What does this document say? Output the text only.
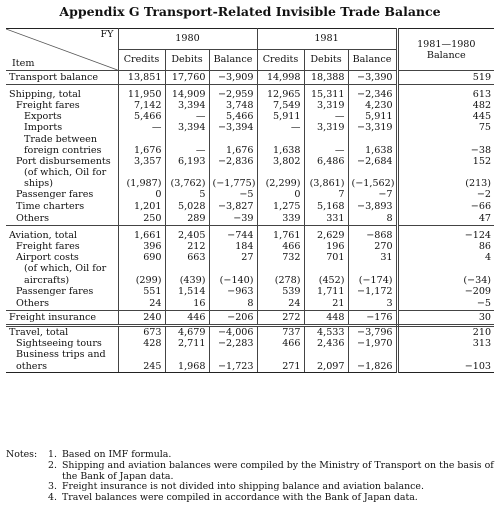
Appendix G Transport-Related Invisible Trade Balance
FY
Item	1980			1981			1981—1980 Balance
	Credits	Debits	Balance	Credits	Debits	Balance	
Transport balance	13,851	17,760	−3,909	14,998	18,388	−3,390	519
Shipping, total	11,950	14,909	−2,959	12,965	15,311	−2,346	613
Freight fares	7,142	3,394	3,748	7,549	3,319	4,230	482
Exports	5,466	—	5,466	5,911	—	5,911	445
Imports	—	3,394	−3,394	—	3,319	−3,319	75
Trade between							
foreign contries	1,676	—	1,676	1,638	—	1,638	−38
Port disbursements	3,357	6,193	−2,836	3,802	6,486	−2,684	152
(of which, Oil for							
ships)	(1,987)	(3,762)	(−1,775)	(2,299)	(3,861)	(−1,562)	(213)
Passenger fares	0	5	−5	0	7	−7	−2
Time charters	1,201	5,028	−3,827	1,275	5,168	−3,893	−66
Others	250	289	−39	339	331	8	47
Aviation, total	1,661	2,405	−744	1,761	2,629	−868	−124
Freight fares	396	212	184	466	196	270	86
Airport costs	690	663	27	732	701	31	4
(of which, Oil for							
aircrafts)	(299)	(439)	(−140)	(278)	(452)	(−174)	(−34)
Passenger fares	551	1,514	−963	539	1,711	−1,172	−209
Others	24	16	8	24	21	3	−5
Freight insurance	240	446	−206	272	448	−176	30
Travel, total	673	4,679	−4,006	737	4,533	−3,796	210
Sightseeing tours	428	2,711	−2,283	466	2,436	−1,970	313
Business trips and							
others	245	1,968	−1,723	271	2,097	−1,826	−103
Notes:	1. Based on IMF formula.
2. Shipping and aviation balances were compiled by the Ministry of Transport on the basis of the Bank of Japan data.
3. Freight insurance is not divided into shipping balance and aviation balance.
4. Travel balances were compiled in accordance with the Bank of Japan data.
